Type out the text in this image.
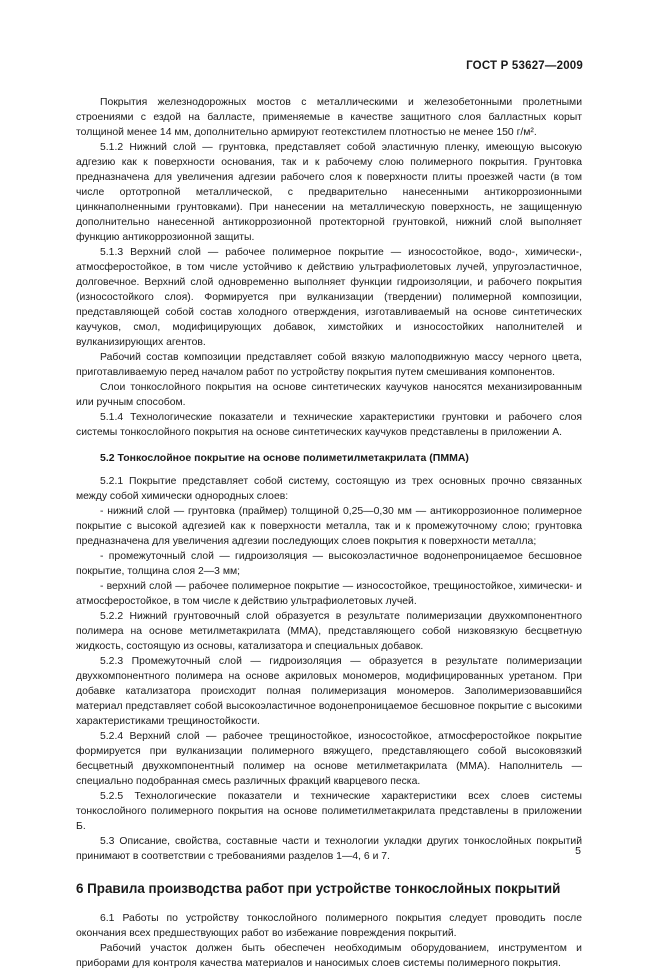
ГОСТ Р 53627—2009

Покрытия железнодорожных мостов с металлическими и железобетонными пролетными строениями с ездой на балласте, применяемые в качестве защитного слоя балластных корыт толщиной менее 14 мм, дополнительно армируют геотекстилем плотностью не менее 150 г/м².

5.1.2 Нижний слой — грунтовка, представляет собой эластичную пленку, имеющую высокую адгезию как к поверхности основания, так и к рабочему слою полимерного покрытия. Грунтовка предназначена для увеличения адгезии рабочего слоя к поверхности плиты проезжей части (в том числе ортотропной металлической, с предварительно нанесенными антикоррозионными цинкнаполненными грунтовками). При нанесении на металлическую поверхность, не защищенную дополнительно нанесенной антикоррозионной протекторной грунтовкой, нижний слой выполняет функцию антикоррозионной защиты.

5.1.3 Верхний слой — рабочее полимерное покрытие — износостойкое, водо-, химически-, атмосферостойкое, в том числе устойчиво к действию ультрафиолетовых лучей, упругоэластичное, долговечное. Верхний слой одновременно выполняет функции гидроизоляции, и рабочего покрытия (износостойкого слоя). Формируется при вулканизации (твердении) полимерной композиции, представляющей собой состав холодного отверждения, изготавливаемый на основе синтетических каучуков, смол, модифицирующих добавок, химстойких и износостойких наполнителей и вулканизирующих агентов.

Рабочий состав композиции представляет собой вязкую малоподвижную массу черного цвета, приготавливаемую перед началом работ по устройству покрытия путем смешивания компонентов.

Слои тонкослойного покрытия на основе синтетических каучуков наносятся механизированным или ручным способом.

5.1.4 Технологические показатели и технические характеристики грунтовки и рабочего слоя системы тонкослойного покрытия на основе синтетических каучуков представлены в приложении А.

5.2 Тонкослойное покрытие на основе полиметилметакрилата (ПММА)

5.2.1 Покрытие представляет собой систему, состоящую из трех основных прочно связанных между собой химически однородных слоев:

- нижний слой — грунтовка (праймер) толщиной 0,25—0,30 мм — антикоррозионное полимерное покрытие с высокой адгезией как к поверхности металла, так и к промежуточному слою; грунтовка предназначена для увеличения адгезии последующих слоев покрытия к поверхности металла;

- промежуточный слой — гидроизоляция — высокоэластичное водонепроницаемое бесшовное покрытие, толщина слоя 2—3 мм;

- верхний слой — рабочее полимерное покрытие — износостойкое, трещиностойкое, химически- и атмосферостойкое, в том числе к действию ультрафиолетовых лучей.

5.2.2 Нижний грунтовочный слой образуется в результате полимеризации двухкомпонентного полимера на основе метилметакрилата (ММА), представляющего собой низковязкую бесцветную жидкость, состоящую из основы, катализатора и специальных добавок.

5.2.3 Промежуточный слой — гидроизоляция — образуется в результате полимеризации двухкомпонентного полимера на основе акриловых мономеров, модифицированных уретаном. При добавке катализатора происходит полная полимеризация мономеров. Заполимеризовавшийся материал представляет собой высокоэластичное водонепроницаемое бесшовное покрытие с высокими характеристиками трещиностойкости.

5.2.4 Верхний слой — рабочее трещиностойкое, износостойкое, атмосферостойкое покрытие формируется при вулканизации полимерного вяжущего, представляющего собой высоковязкий бесцветный двухкомпонентный полимер на основе метилметакрилата (ММА). Наполнитель — специально подобранная смесь различных фракций кварцевого песка.

5.2.5 Технологические показатели и технические характеристики всех слоев системы тонкослойного полимерного покрытия на основе полиметилметакрилата представлены в приложении Б.

5.3 Описание, свойства, составные части и технологии укладки других тонкослойных покрытий принимают в соответствии с требованиями разделов 1—4, 6 и 7.

6 Правила производства работ при устройстве тонкослойных покрытий

6.1 Работы по устройству тонкослойного полимерного покрытия следует проводить после окончания всех предшествующих работ во избежание повреждения покрытий.

Рабочий участок должен быть обеспечен необходимым оборудованием, инструментом и приборами для контроля качества материалов и наносимых слоев системы полимерного покрытия.

5
